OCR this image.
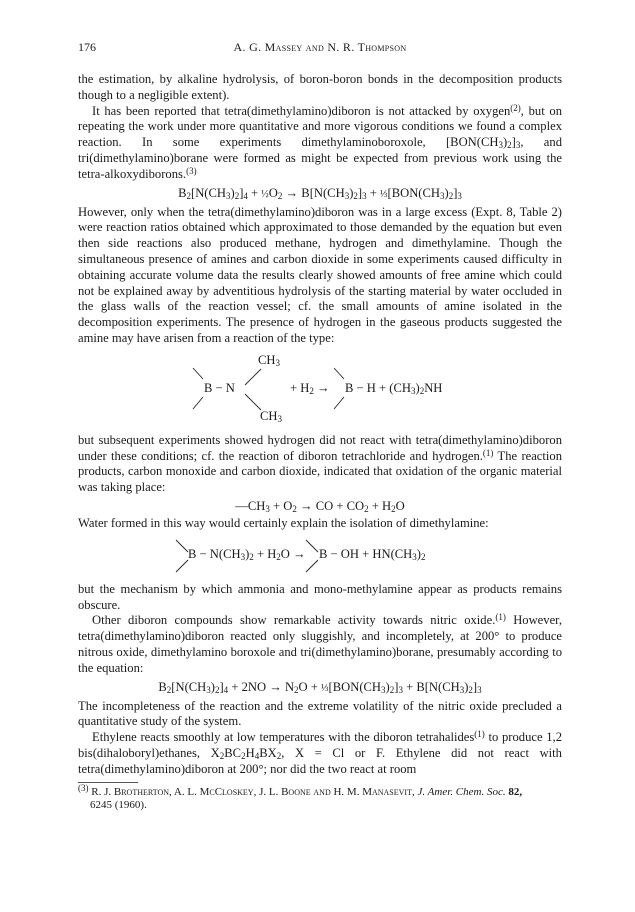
176	A. G. Massey and N. R. Thompson

the estimation, by alkaline hydrolysis, of boron-boron bonds in the decomposition products though to a negligible extent).

It has been reported that tetra(dimethylamino)diboron is not attacked by oxygen$^{(2)}$, but on repeating the work under more quantitative and more vigorous conditions we found a complex reaction. In some experiments dimethylaminoboroxole, $[BON(CH_3)_2]_3$, and tri(dimethylamino)borane were formed as might be expected from previous work using the tetra-alkoxydiborons.$^{(3)}$

$B_2[N(CH_3)_2]_4$ + $\frac{1}{2}O_2 \to B[N(CH_3)_2]_3$ + $\frac{1}{3}[BON(CH_3)_2]_3$

However, only when the tetra(dimethylamino)diboron was in a large excess (Expt. 8, Table 2) were reaction ratios obtained which approximated to those demanded by the equation but even then side reactions also produced methane, hydrogen and dimethylamine. Though the simultaneous presence of amines and carbon dioxide in some experiments caused difficulty in obtaining accurate volume data the results clearly showed amounts of free amine which could not be explained away by adventitious hydrolysis of the starting material by water occluded in the glass walls of the reaction vessel; cf. the small amounts of amine isolated in the decomposition experiments. The presence of hydrogen in the gaseous products suggested the amine may have arisen from a reaction of the type:

$CH_3$
B − N	+ $H_2 \to B - H + (CH_3)_2NH$
$CH_3$

but subsequent experiments showed hydrogen did not react with tetra(dimethylamino)diboron under these conditions; cf. the reaction of diboron tetrachloride and hydrogen.$^{(1)}$ The reaction products, carbon monoxide and carbon dioxide, indicated that oxidation of the organic material was taking place:

$—CH_3 + O_2$ → CO + $CO_2 + H_2O$

Water formed in this way would certainly explain the isolation of dimethylamine:

$B - N(CH_3)_2 + H_2O \to B$ − OH + $HN(CH_3)_2$

but the mechanism by which ammonia and mono-methylamine appear as products remains obscure.

Other diboron compounds show remarkable activity towards nitric oxide.$^{(1)}$ However, tetra(dimethylamino)diboron reacted only sluggishly, and incompletely, at 200° to produce nitrous oxide, dimethylamino boroxole and tri(dimethylamino)borane, presumably according to the equation:

$B_2[N(CH_3)_2]_4 + 2NO \to N_2O$ + $\frac{1}{3}[BON(CH_3)_2]_3 + B[N(CH_3)_2]_3$

The incompleteness of the reaction and the extreme volatility of the nitric oxide precluded a quantitative study of the system.

Ethylene reacts smoothly at low temperatures with the diboron tetrahalides$^{(1)}$ to produce 1,2 bis(dihaloboryl)ethanes, $X_2BC_2H_4BX_2$, X = Cl or F. Ethylene did not react with tetra(dimethylamino)diboron at 200°; nor did the two react at room

$^{(3)}$ R. J. Brotherton, A. L. McCloskey, J. L. Boone and H. M. Manasevit, J. Amer. Chem. Soc. 82,
6245 (1960).
